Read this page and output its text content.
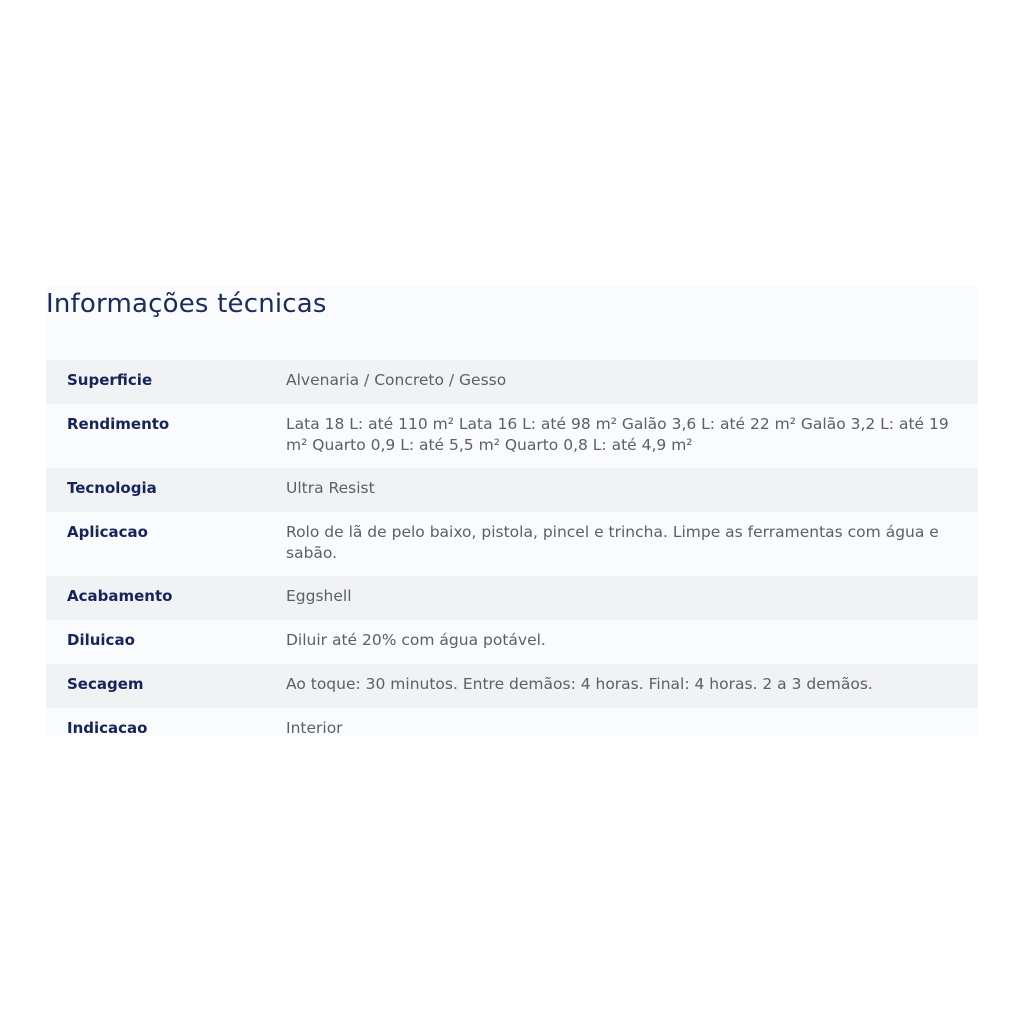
Informações técnicas
Superficie	Alvenaria / Concreto / Gesso
Rendimento	Lata 18 L: até 110 m² Lata 16 L: até 98 m² Galão 3,6 L: até 22 m² Galão 3,2 L: até 19 m² Quarto 0,9 L: até 5,5 m² Quarto 0,8 L: até 4,9 m²
Tecnologia	Ultra Resist
Aplicacao	Rolo de lã de pelo baixo, pistola, pincel e trincha. Limpe as ferramentas com água e sabão.
Acabamento	Eggshell
Diluicao	Diluir até 20% com água potável.
Secagem	Ao toque: 30 minutos. Entre demãos: 4 horas. Final: 4 horas. 2 a 3 demãos.
Indicacao	Interior
